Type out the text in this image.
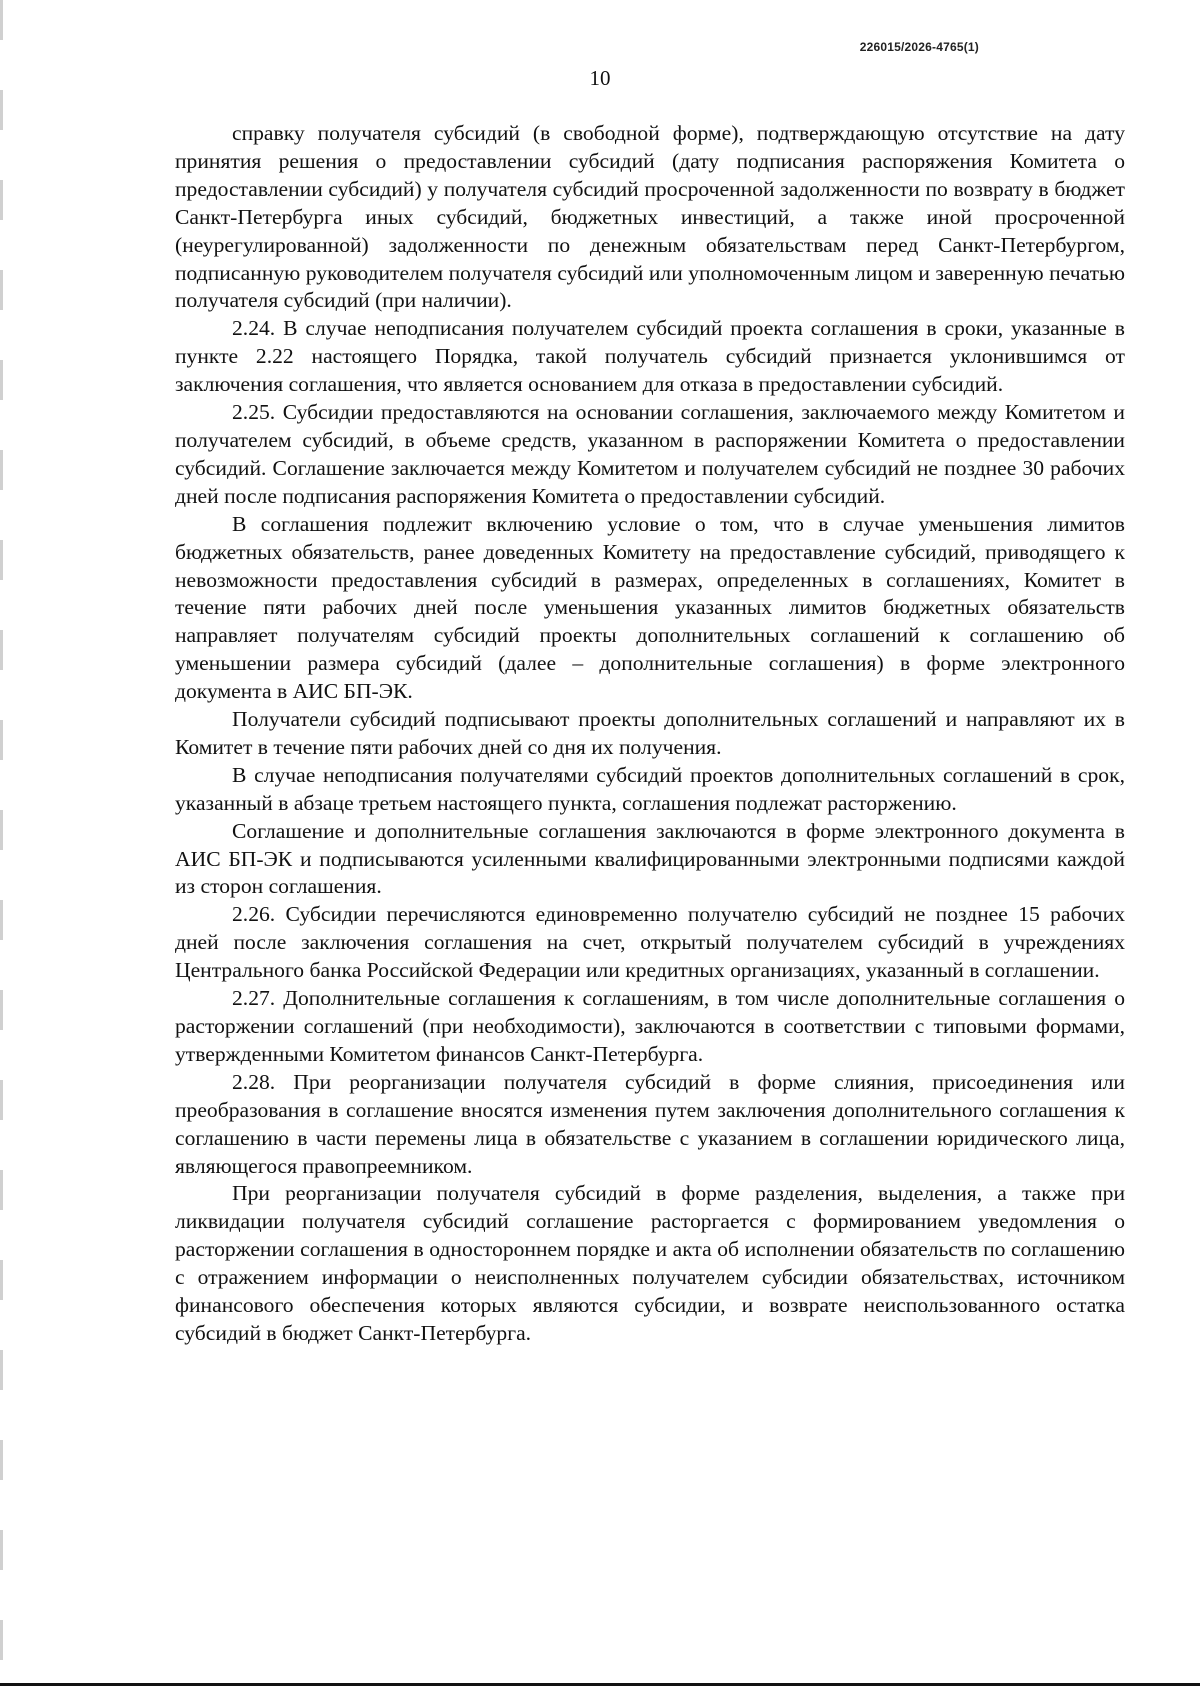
226015/2026-4765(1)
10

справку получателя субсидий (в свободной форме), подтверждающую отсутствие на дату принятия решения о предоставлении субсидий (дату подписания распоряжения Комитета о предоставлении субсидий) у получателя субсидий просроченной задолженности по возврату в бюджет Санкт-Петербурга иных субсидий, бюджетных инвестиций, а также иной просроченной (неурегулированной) задолженности по денежным обязательствам перед Санкт-Петербургом, подписанную руководителем получателя субсидий или уполномоченным лицом и заверенную печатью получателя субсидий (при наличии).

2.24. В случае неподписания получателем субсидий проекта соглашения в сроки, указанные в пункте 2.22 настоящего Порядка, такой получатель субсидий признается уклонившимся от заключения соглашения, что является основанием для отказа в предоставлении субсидий.

2.25. Субсидии предоставляются на основании соглашения, заключаемого между Комитетом и получателем субсидий, в объеме средств, указанном в распоряжении Комитета о предоставлении субсидий. Соглашение заключается между Комитетом и получателем субсидий не позднее 30 рабочих дней после подписания распоряжения Комитета о предоставлении субсидий.

В соглашения подлежит включению условие о том, что в случае уменьшения лимитов бюджетных обязательств, ранее доведенных Комитету на предоставление субсидий, приводящего к невозможности предоставления субсидий в размерах, определенных в соглашениях, Комитет в течение пяти рабочих дней после уменьшения указанных лимитов бюджетных обязательств направляет получателям субсидий проекты дополнительных соглашений к соглашению об уменьшении размера субсидий (далее – дополнительные соглашения) в форме электронного документа в АИС БП-ЭК.

Получатели субсидий подписывают проекты дополнительных соглашений и направляют их в Комитет в течение пяти рабочих дней со дня их получения.

В случае неподписания получателями субсидий проектов дополнительных соглашений в срок, указанный в абзаце третьем настоящего пункта, соглашения подлежат расторжению.

Соглашение и дополнительные соглашения заключаются в форме электронного документа в АИС БП-ЭК и подписываются усиленными квалифицированными электронными подписями каждой из сторон соглашения.

2.26. Субсидии перечисляются единовременно получателю субсидий не позднее 15 рабочих дней после заключения соглашения на счет, открытый получателем субсидий в учреждениях Центрального банка Российской Федерации или кредитных организациях, указанный в соглашении.

2.27. Дополнительные соглашения к соглашениям, в том числе дополнительные соглашения о расторжении соглашений (при необходимости), заключаются в соответствии с типовыми формами, утвержденными Комитетом финансов Санкт-Петербурга.

2.28. При реорганизации получателя субсидий в форме слияния, присоединения или преобразования в соглашение вносятся изменения путем заключения дополнительного соглашения к соглашению в части перемены лица в обязательстве с указанием в соглашении юридического лица, являющегося правопреемником.

При реорганизации получателя субсидий в форме разделения, выделения, а также при ликвидации получателя субсидий соглашение расторгается с формированием уведомления о расторжении соглашения в одностороннем порядке и акта об исполнении обязательств по соглашению с отражением информации о неисполненных получателем субсидии обязательствах, источником финансового обеспечения которых являются субсидии, и возврате неиспользованного остатка субсидий в бюджет Санкт-Петербурга.
